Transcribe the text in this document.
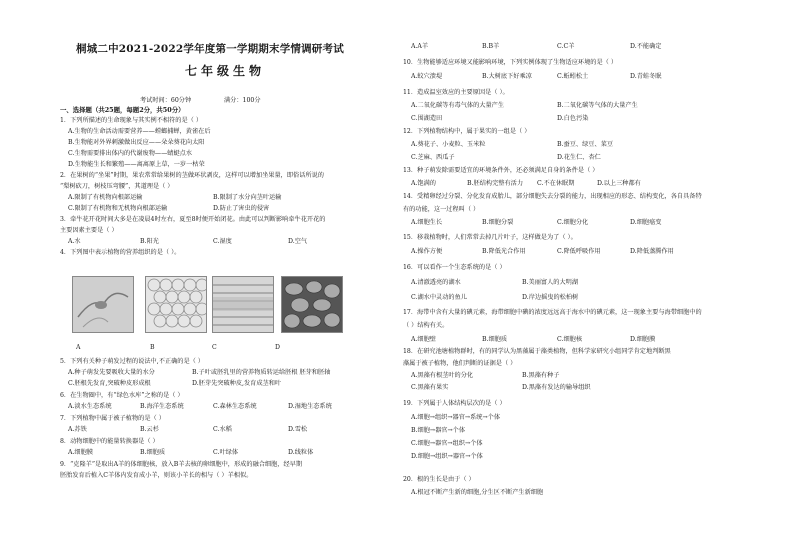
桐城二中2021-2022学年度第一学期期末学情调研考试
七年级生物
考试时间：60分钟	满分：100分
一、选择题（共25题，每题2分，共50分）
1．下列所描述的生命现象与其实例不相符的是（ ）
A.生物的生命活动需要营养——螳螂捕蝉，黄雀在后
B.生物能对外界刺激做出反应——朵朵葵花向太阳
C.生物需要排出体内的代谢废物——蜻蜓点水
D.生物能生长和繁殖——离离原上草，一岁一枯荣
2．在果树的“坐果”时期，果农常常给果树的茎做环状剥皮，这样可以增加坐果量，即俗话所说的
“梨树砍刀，树枝压弯腰”，其道理是（ ）
A.限制了有机物向根部运输	B.限制了水分向茎叶运输
C.限制了有机物和无机物向根部运输	D.防止了害虫的侵害
3．牵牛花开花时间大多是在凌晨4时左右，夏至8时便开始闭花。由此可以判断影响牵牛花开花的
主要因素主要是（ ）
A.水	B.阳光	C.湿度	D.空气
4．下列图中表示植物的营养组织的是（ ）。
A	B	C	D
5．下列有关种子萌发过程的说法中,不正确的是（ ）
A.种子萌发先要吸收大量的水分	B.子叶或胚乳里的营养物质转运给胚根 胚芽和胚轴
C.胚根先发育,突破种皮形成根	D.胚芽先突破种皮,发育成茎和叶
6．在生物圈中，有“绿色水库”之称的是（ ）
A.淡水生态系统	B.海洋生态系统	C.森林生态系统	D.湿地生态系统
7．下列植物中属于被子植物的是（ ）
A.苏铁	B.云杉	C.水稻	D.雪松
8．动物细胞中的能量转换器是（ ）
A.细胞膜	B.细胞质	C.叶绿体	D.线粒体
9．“克隆羊”是取出A羊的体细胞核，放入B羊去核的卵细胞中，形成的融合细胞，经早期
胚胎发育后植入C羊体内发育成小羊，则该小羊长的相与（ ）羊相似。
A.A羊	B.B羊	C.C羊	D.不能确定
10．生物能够适应环境又能影响环境，下列实例体现了生物适应环境的是（ ）
A.蚊穴溃堤	B.大树底下好乘凉	C.蚯蚓松土	D.青蛙冬眠
11．造成温室效应的主要原因是（ ）。
A.二氧化碳等有毒气体的大量产生	B.二氧化碳等气体的大量产生
C.围湖造田	D.白色污染
12．下列植物结构中，属于果实的一组是（ ）
A.葵花子、小麦粒、玉米粒	B.蚕豆、绿豆、菜豆
C.芝麻、西瓜子	D.花生仁、杏仁
13．种子萌发除需要适宜的环境条件外，还必须满足自身的条件是（ ）
A.饱满的	B.胚结构完整有活力 C.不在休眠期	D.以上三种都有
14．受精卵经过分裂、分化发育成胎儿，部分细胞失去分裂的能力，出现相应的形态、结构变化，各自具备特
有的功能，这一过程叫（ ）
A.细胞生长	B.细胞分裂	C.细胞分化	D.细胞癌变
15．移栽植物时，人们常常去掉几片叶子，这样做是为了（ ）。
A.操作方便	B.降低光合作用	C.降低呼吸作用	D.降低蒸腾作用
16．可以看作一个生态系统的是（ ）
A.清澈透亮的湖水	B.美丽富人的大明湖
C.湖水中灵动的鱼儿	D.岸边摇曳的松柏树
17．海带中含有大量的碘元素，海带细胞中碘的浓度远远高于海水中的碘元素，这一现象主要与海带细胞中的
（ ）结构有关。
A.细胞壁	B.细胞质	C.细胞核	D.细胞膜
18．在研究池塘植物群时，有的同学认为黑藻属于藻类植物，但科学家研究小组同学肯定地判断黑
藻属于被子植物，他们判断的证据是（ ）
A.黑藻有根茎叶的分化	B.黑藻有种子
C.黑藻有果实	D.黑藻有发达的输导组织
19．下列属于人体结构层次的是（ ）
A.细胞→组织→器官→系统→个体
B.细胞→器官→个体
C.细胞→器官→组织→个体
D.细胞→组织→器官→个体
20．根的生长是由于（ ）
A.根冠不断产生新的细胞,分生区不断产生新细胞
